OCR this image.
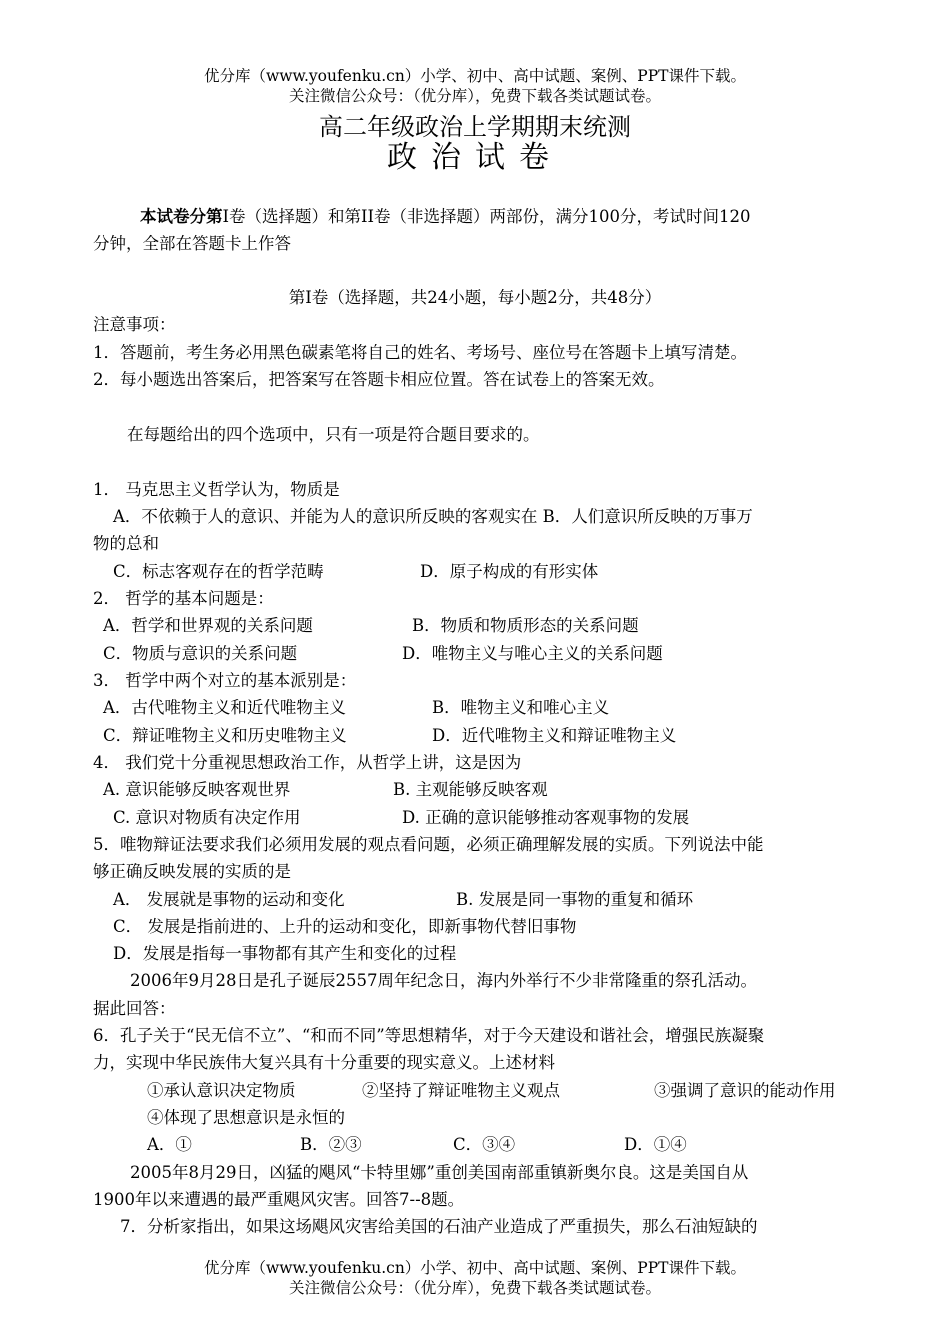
优分库（www.youfenku.cn）小学、初中、高中试题、案例、PPT课件下载。
关注微信公众号：（优分库），免费下载各类试题试卷。
高二年级政治上学期期末统测
政治试卷
本试卷分第I卷（选择题）和第II卷（非选择题）两部份，满分100分，考试时间120
分钟，全部在答题卡上作答
第I卷（选择题，共24小题，每小题2分，共48分）
注意事项：
1．答题前，考生务必用黑色碳素笔将自己的姓名、考场号、座位号在答题卡上填写清楚。
2．每小题选出答案后，把答案写在答题卡相应位置。答在试卷上的答案无效。
在每题给出的四个选项中，只有一项是符合题目要求的。
1． 马克思主义哲学认为，物质是
A．不依赖于人的意识、并能为人的意识所反映的客观实在 B．人们意识所反映的万事万
物的总和
C．标志客观存在的哲学范畴	D．原子构成的有形实体
2． 哲学的基本问题是：
A．哲学和世界观的关系问题	B．物质和物质形态的关系问题
C．物质与意识的关系问题	D．唯物主义与唯心主义的关系问题
3． 哲学中两个对立的基本派别是：
A．古代唯物主义和近代唯物主义	B．唯物主义和唯心主义
C．辩证唯物主义和历史唯物主义	D．近代唯物主义和辩证唯物主义
4． 我们党十分重视思想政治工作，从哲学上讲，这是因为
A. 意识能够反映客观世界	B. 主观能够反映客观
C. 意识对物质有决定作用	D. 正确的意识能够推动客观事物的发展
5．唯物辩证法要求我们必须用发展的观点看问题，必须正确理解发展的实质。下列说法中能
够正确反映发展的实质的是
A． 发展就是事物的运动和变化	B. 发展是同一事物的重复和循环
C． 发展是指前进的、上升的运动和变化，即新事物代替旧事物
D．发展是指每一事物都有其产生和变化的过程
2006年9月28日是孔子诞辰2557周年纪念日，海内外举行不少非常隆重的祭孔活动。
据此回答：
6．孔子关于“民无信不立”、“和而不同”等思想精华，对于今天建设和谐社会，增强民族凝聚
力，实现中华民族伟大复兴具有十分重要的现实意义。上述材料
①承认意识决定物质	②坚持了辩证唯物主义观点	③强调了意识的能动作用
④体现了思想意识是永恒的
A．①	B．②③	C．③④	D．①④
2005年8月29日，凶猛的飓风“卡特里娜”重创美国南部重镇新奥尔良。这是美国自从
1900年以来遭遇的最严重飓风灾害。回答7--8题。
7．分析家指出，如果这场飓风灾害给美国的石油产业造成了严重损失，那么石油短缺的
优分库（www.youfenku.cn）小学、初中、高中试题、案例、PPT课件下载。
关注微信公众号：（优分库），免费下载各类试题试卷。
